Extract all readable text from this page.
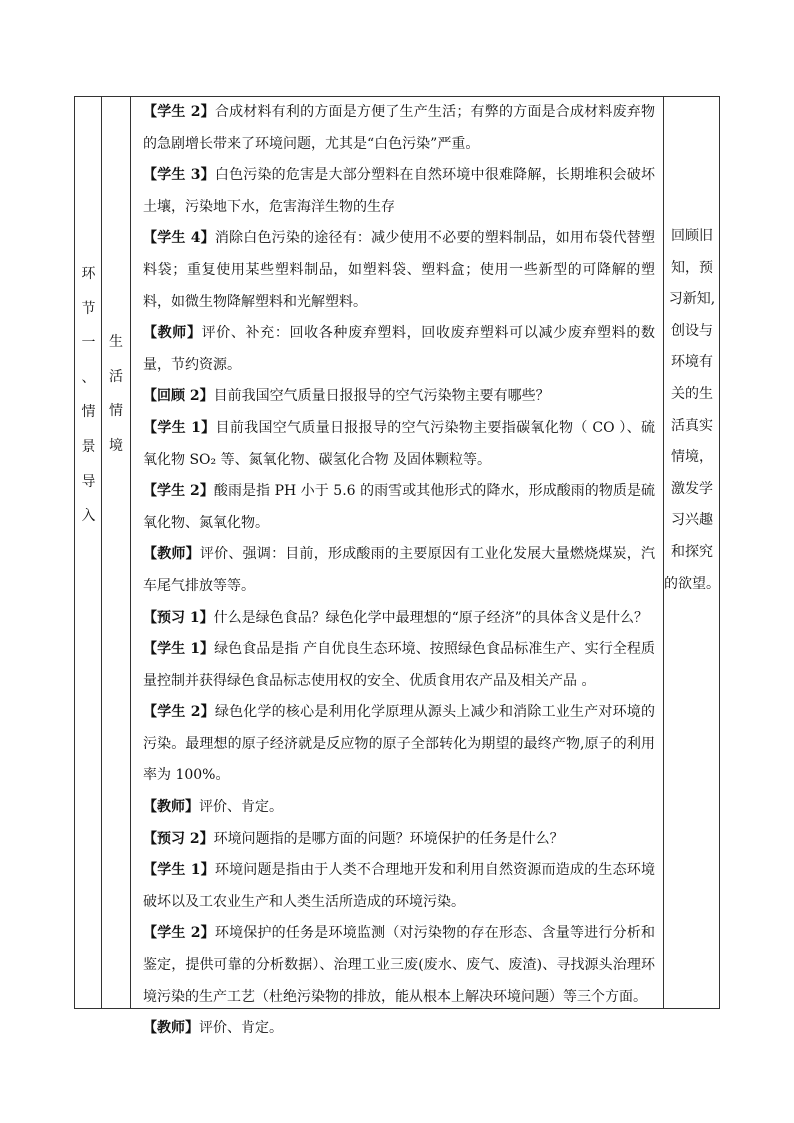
环
节
一
、
情
景
导
入
生
活
情
境

【学生 2】合成材料有利的方面是方便了生产生活；有弊的方面是合成材料废弃物的急剧增长带来了环境问题，尤其是“白色污染”严重。

【学生 3】白色污染的危害是大部分塑料在自然环境中很难降解，长期堆积会破坏土壤，污染地下水，危害海洋生物的生存

【学生 4】消除白色污染的途径有：减少使用不必要的塑料制品，如用布袋代替塑料袋；重复使用某些塑料制品，如塑料袋、塑料盒；使用一些新型的可降解的塑料，如微生物降解塑料和光解塑料。

【教师】评价、补充：回收各种废弃塑料，回收废弃塑料可以减少废弃塑料的数量，节约资源。

【回顾 2】目前我国空气质量日报报导的空气污染物主要有哪些？

【学生 1】目前我国空气质量日报报导的空气污染物主要指碳氧化物（ CO ）、硫氧化物 SO₂ 等、氮氧化物、碳氢化合物 及固体颗粒等。

【学生 2】酸雨是指 PH 小于 5.6 的雨雪或其他形式的降水，形成酸雨的物质是硫氧化物、氮氧化物。

【教师】评价、强调：目前，形成酸雨的主要原因有工业化发展大量燃烧煤炭，汽车尾气排放等等。

【预习 1】什么是绿色食品？绿色化学中最理想的“原子经济”的具体含义是什么？

【学生 1】绿色食品是指 产自优良生态环境、按照绿色食品标准生产、实行全程质量控制并获得绿色食品标志使用权的安全、优质食用农产品及相关产品 。

【学生 2】绿色化学的核心是利用化学原理从源头上减少和消除工业生产对环境的污染。最理想的原子经济就是反应物的原子全部转化为期望的最终产物,原子的利用率为 100%。

【教师】评价、肯定。

【预习 2】环境问题指的是哪方面的问题？环境保护的任务是什么？

【学生 1】环境问题是指由于人类不合理地开发和利用自然资源而造成的生态环境破坏以及工农业生产和人类生活所造成的环境污染。

【学生 2】环境保护的任务是环境监测（对污染物的存在形态、含量等进行分析和鉴定，提供可靠的分析数据）、治理工业三废(废水、废气、废渣)、寻找源头治理环境污染的生产工艺（杜绝污染物的排放，能从根本上解决环境问题）等三个方面。

【教师】评价、肯定。

回顾旧
知，预
习新知,
创设与
环境有
关的生
活真实
情境，
激发学
习兴趣
和探究
的欲望。
